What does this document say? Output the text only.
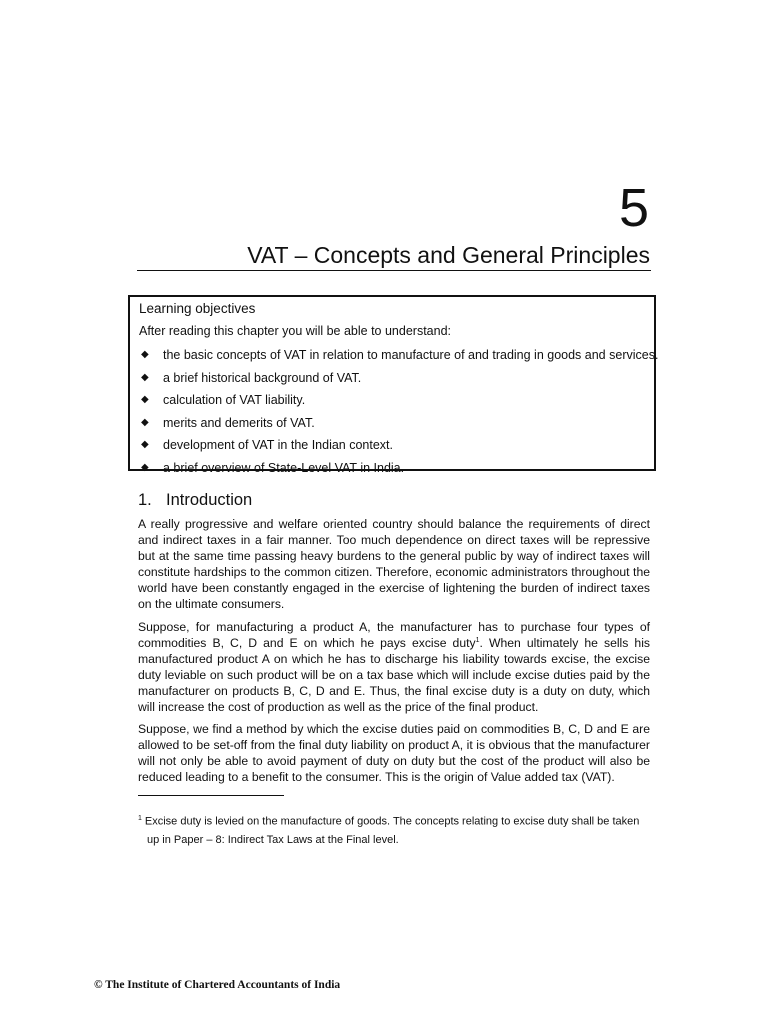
5
VAT – Concepts and General Principles
Learning objectives
After reading this chapter you will be able to understand:
◆ the basic concepts of VAT in relation to manufacture of and trading in goods and services.
◆ a brief historical background of VAT.
◆ calculation of VAT liability.
◆ merits and demerits of VAT.
◆ development of VAT in the Indian context.
◆ a brief overview of State-Level VAT in India.
1. Introduction

A really progressive and welfare oriented country should balance the requirements of direct and indirect taxes in a fair manner. Too much dependence on direct taxes will be repressive but at the same time passing heavy burdens to the general public by way of indirect taxes will constitute hardships to the common citizen. Therefore, economic administrators throughout the world have been constantly engaged in the exercise of lightening the burden of indirect taxes on the ultimate consumers.

Suppose, for manufacturing a product A, the manufacturer has to purchase four types of commodities B, C, D and E on which he pays excise duty$^1$. When ultimately he sells his manufactured product A on which he has to discharge his liability towards excise, the excise duty leviable on such product will be on a tax base which will include excise duties paid by the manufacturer on products B, C, D and E. Thus, the final excise duty is a duty on duty, which will increase the cost of production as well as the price of the final product.

Suppose, we find a method by which the excise duties paid on commodities B, C, D and E are allowed to be set-off from the final duty liability on product A, it is obvious that the manufacturer will not only be able to avoid payment of duty on duty but the cost of the product will also be reduced leading to a benefit to the consumer. This is the origin of Value added tax (VAT).

$^1$ Excise duty is levied on the manufacture of goods. The concepts relating to excise duty shall be taken
up in Paper – 8: Indirect Tax Laws at the Final level.
© The Institute of Chartered Accountants of India
